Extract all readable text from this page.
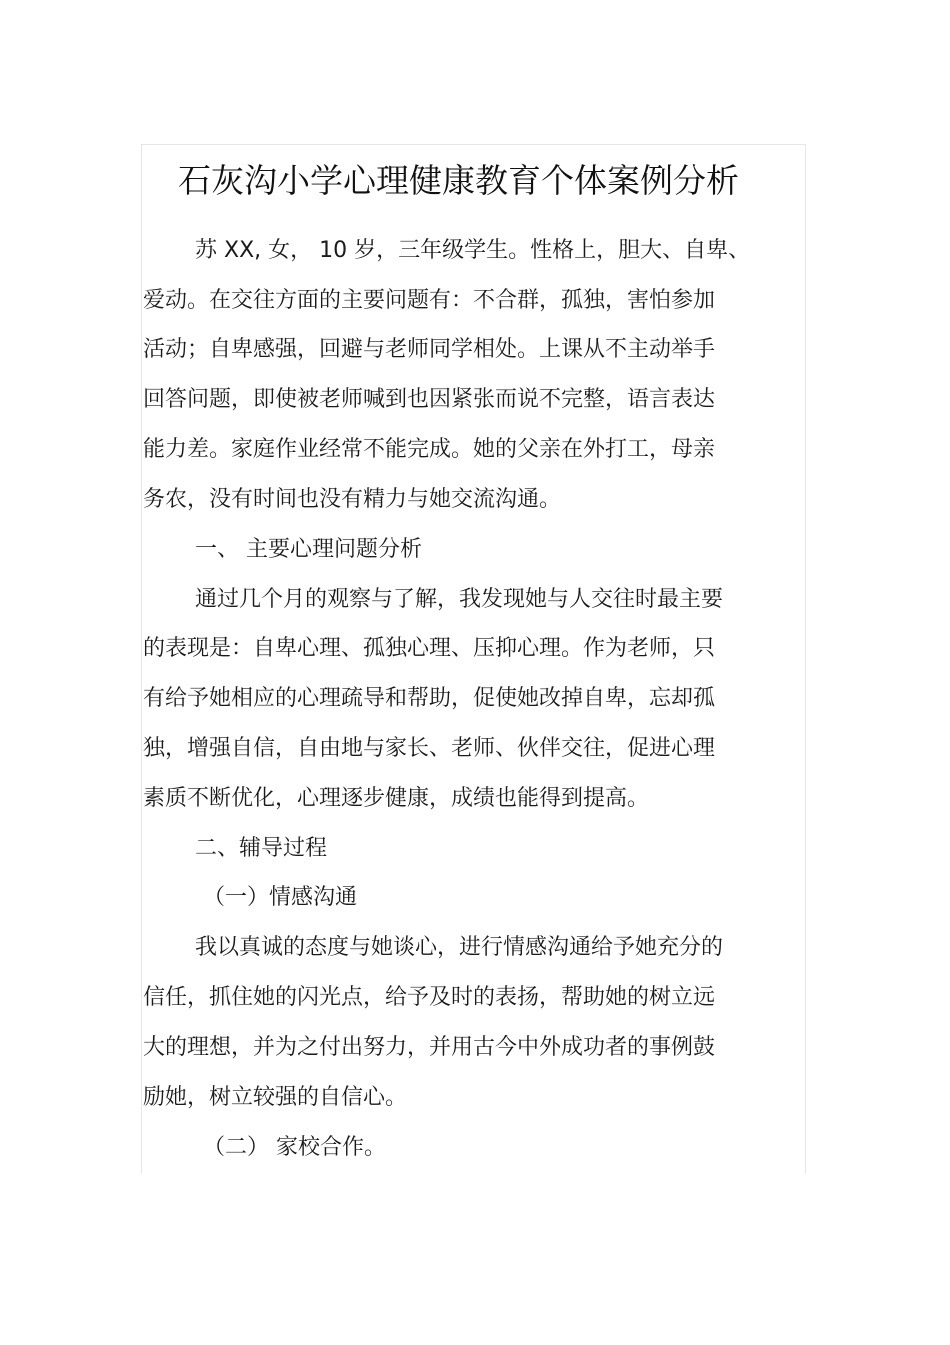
石灰沟小学心理健康教育个体案例分析
苏 XX, 女， 10 岁，三年级学生。性格上，胆大、自卑、
爱动。在交往方面的主要问题有：不合群，孤独，害怕参加
活动；自卑感强，回避与老师同学相处。上课从不主动举手
回答问题，即使被老师喊到也因紧张而说不完整，语言表达
能力差。家庭作业经常不能完成。她的父亲在外打工，母亲
务农，没有时间也没有精力与她交流沟通。
一、 主要心理问题分析
通过几个月的观察与了解，我发现她与人交往时最主要
的表现是：自卑心理、孤独心理、压抑心理。作为老师，只
有给予她相应的心理疏导和帮助，促使她改掉自卑，忘却孤
独，增强自信，自由地与家长、老师、伙伴交往，促进心理
素质不断优化，心理逐步健康，成绩也能得到提高。
二、辅导过程
（一）情感沟通
我以真诚的态度与她谈心，进行情感沟通给予她充分的
信任，抓住她的闪光点，给予及时的表扬，帮助她的树立远
大的理想，并为之付出努力，并用古今中外成功者的事例鼓
励她，树立较强的自信心。
（二） 家校合作。
